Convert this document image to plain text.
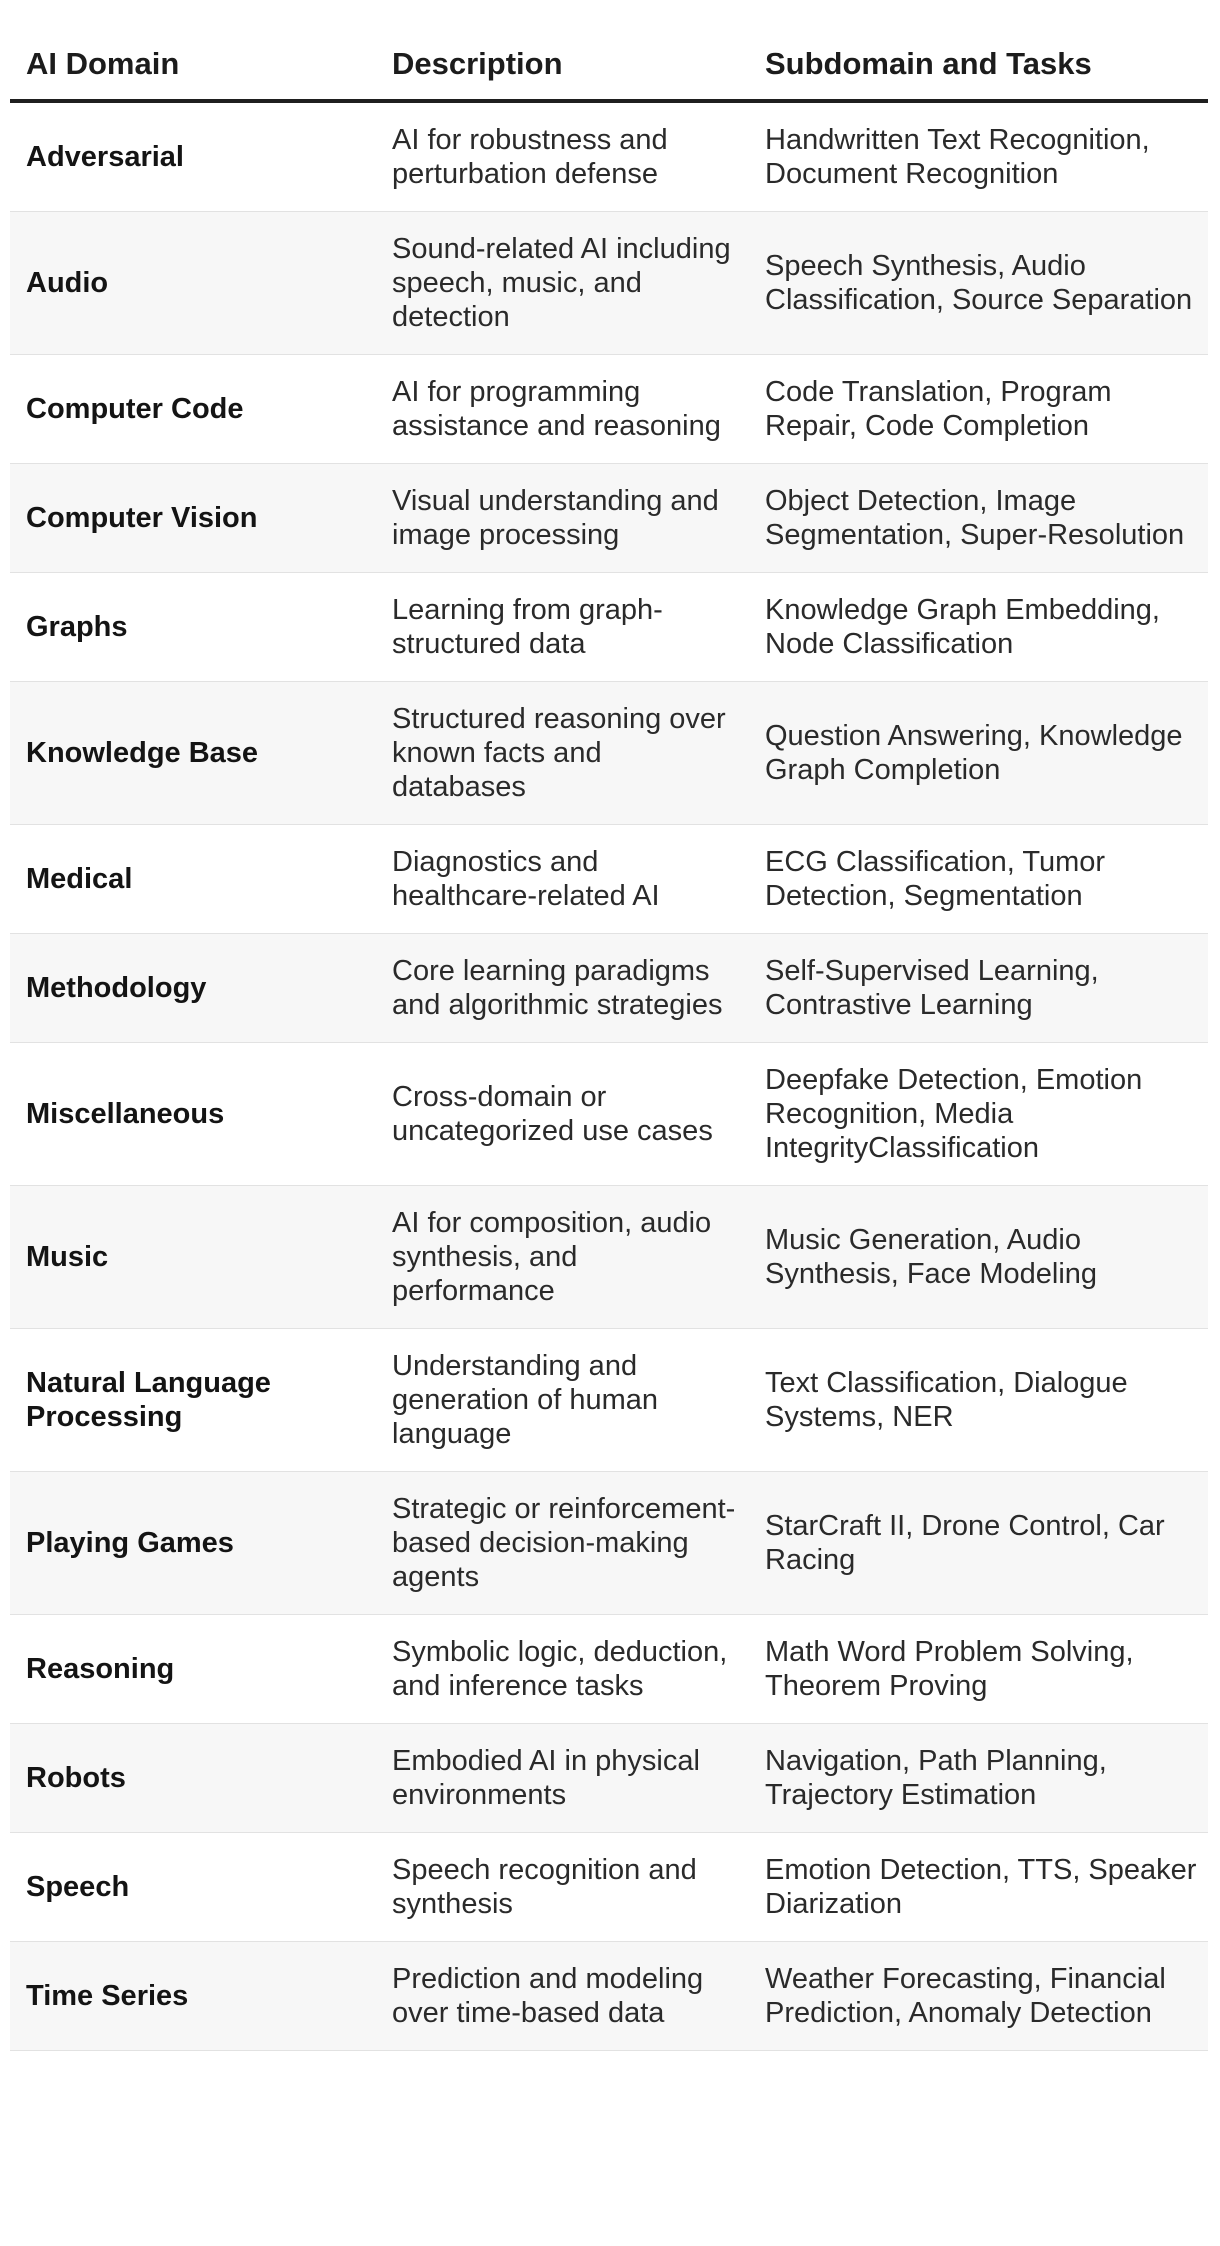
AI Domain	Description	Subdomain and Tasks
Adversarial	AI for robustness and perturbation defense	Handwritten Text Recognition, Document Recognition
Audio	Sound-related AI including speech, music, and detection	Speech Synthesis, Audio Classification, Source Separation
Computer Code	AI for programming assistance and reasoning	Code Translation, Program Repair, Code Completion
Computer Vision	Visual understanding and image processing	Object Detection, Image Segmentation, Super-Resolution
Graphs	Learning from graph-structured data	Knowledge Graph Embedding, Node Classification
Knowledge Base	Structured reasoning over known facts and databases	Question Answering, Knowledge Graph Completion
Medical	Diagnostics and healthcare-related AI	ECG Classification, Tumor Detection, Segmentation
Methodology	Core learning paradigms and algorithmic strategies	Self-Supervised Learning, Contrastive Learning
Miscellaneous	Cross-domain or uncategorized use cases	Deepfake Detection, Emotion Recognition, Media IntegrityClassification
Music	AI for composition, audio synthesis, and performance	Music Generation, Audio Synthesis, Face Modeling
Natural Language Processing	Understanding and generation of human language	Text Classification, Dialogue Systems, NER
Playing Games	Strategic or reinforcement-based decision-making agents	StarCraft II, Drone Control, Car Racing
Reasoning	Symbolic logic, deduction, and inference tasks	Math Word Problem Solving, Theorem Proving
Robots	Embodied AI in physical environments	Navigation, Path Planning, Trajectory Estimation
Speech	Speech recognition and synthesis	Emotion Detection, TTS, Speaker Diarization
Time Series	Prediction and modeling over time-based data	Weather Forecasting, Financial Prediction, Anomaly Detection
